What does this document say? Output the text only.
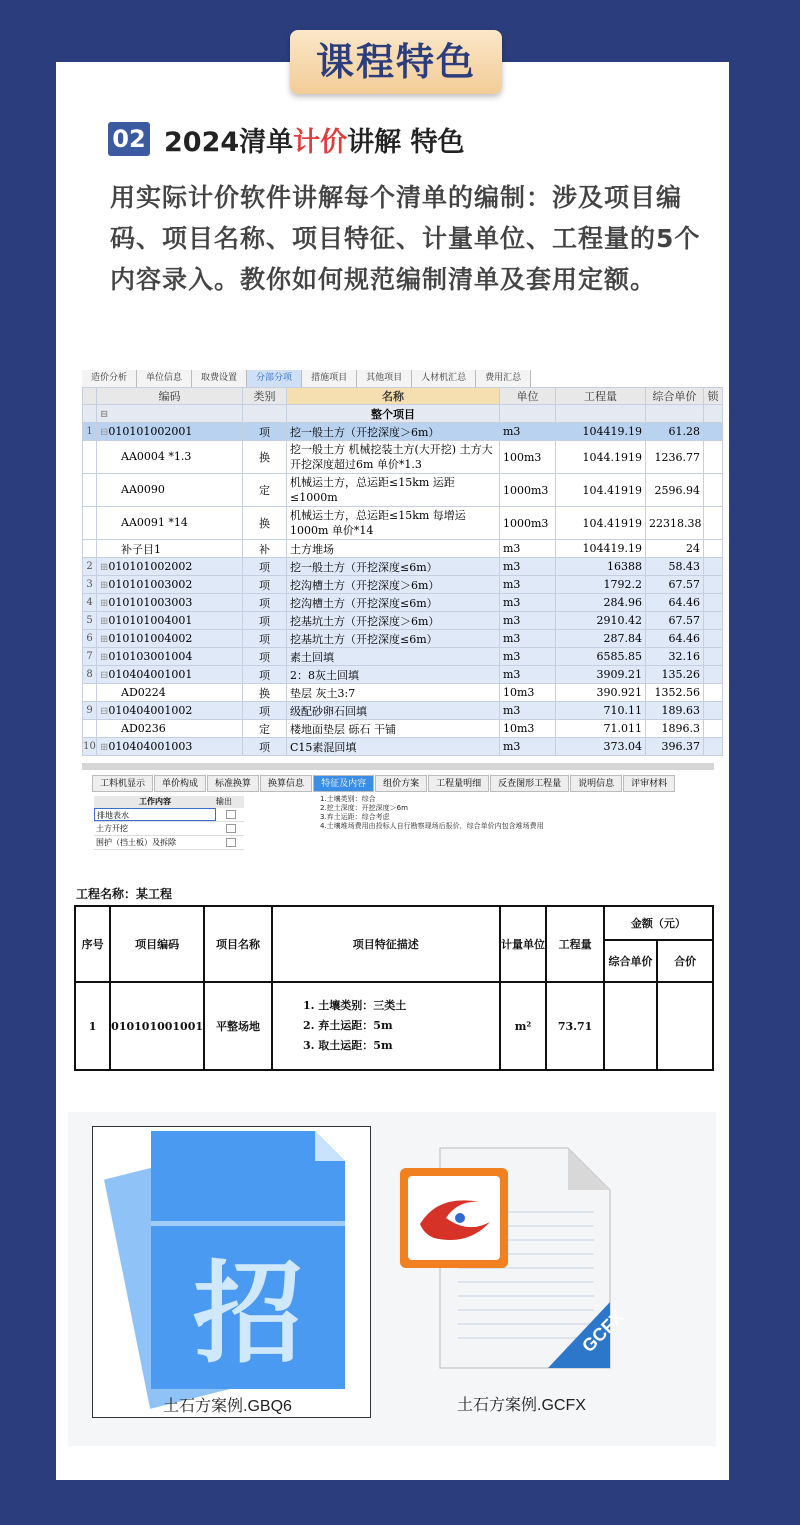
课程特色
02 2024清单计价讲解 特色
用实际计价软件讲解每个清单的编制：涉及项目编码、项目名称、项目特征、计量单位、工程量的5个内容录入。教你如何规范编制清单及套用定额。
造价分析	单位信息	取费设置	分部分项	措施项目	其他项目	人材机汇总	费用汇总
	编码	类别	名称	单位	工程量	综合单价	锁
	⊟		整个项目				
1	⊟010101002001	项	挖一般土方（开挖深度＞6m）	m3	104419.19	61.28	
	AA0004 *1.3	换	挖一般土方 机械挖装土方(大开挖) 土方大开挖深度超过6m 单价*1.3	100m3	1044.1919	1236.77	
	AA0090	定	机械运土方，总运距≤15km 运距≤1000m	1000m3	104.41919	2596.94	
	AA0091 *14	换	机械运土方，总运距≤15km 每增运1000m 单价*14	1000m3	104.41919	22318.38	
	补子目1	补	土方堆场	m3	104419.19	24	
2	⊞010101002002	项	挖一般土方（开挖深度≤6m）	m3	16388	58.43	
3	⊞010101003002	项	挖沟槽土方（开挖深度＞6m）	m3	1792.2	67.57	
4	⊞010101003003	项	挖沟槽土方（开挖深度≤6m）	m3	284.96	64.46	
5	⊞010101004001	项	挖基坑土方（开挖深度＞6m）	m3	2910.42	67.57	
6	⊞010101004002	项	挖基坑土方（开挖深度≤6m）	m3	287.84	64.46	
7	⊞010103001004	项	素土回填	m3	6585.85	32.16	
8	⊟010404001001	项	2：8灰土回填	m3	3909.21	135.26	
	AD0224	换	垫层 灰土3:7	10m3	390.921	1352.56	
9	⊟010404001002	项	级配砂卵石回填	m3	710.11	189.63	
	AD0236	定	楼地面垫层 砾石 干铺	10m3	71.011	1896.3	
10	⊞010404001003	项	C15素混回填	m3	373.04	396.37	
工料机显示	单价构成	标准换算	换算信息	特征及内容	组价方案	工程量明细	反查图形工程量	说明信息	评审材料
工作内容	输出
排地表水
土方开挖
围护（挡土板）及拆除
1.土壤类别：综合
2.挖土深度：开挖深度＞6m
3.弃土运距：综合考虑
4.土壤堆场费用由投标人自行勘察现场后报价，综合单价内包含堆场费用
工程名称：某工程
序号	项目编码	项目名称	项目特征描述	计量单位	工程量	金额（元）	
						综合单价	合价
1	010101001001	平整场地	1. 土壤类别：三类土
2. 弃土运距：5m
3. 取土运距：5m	m²	73.71		
招
土石方案例.GBQ6
GCFX
土石方案例.GCFX
